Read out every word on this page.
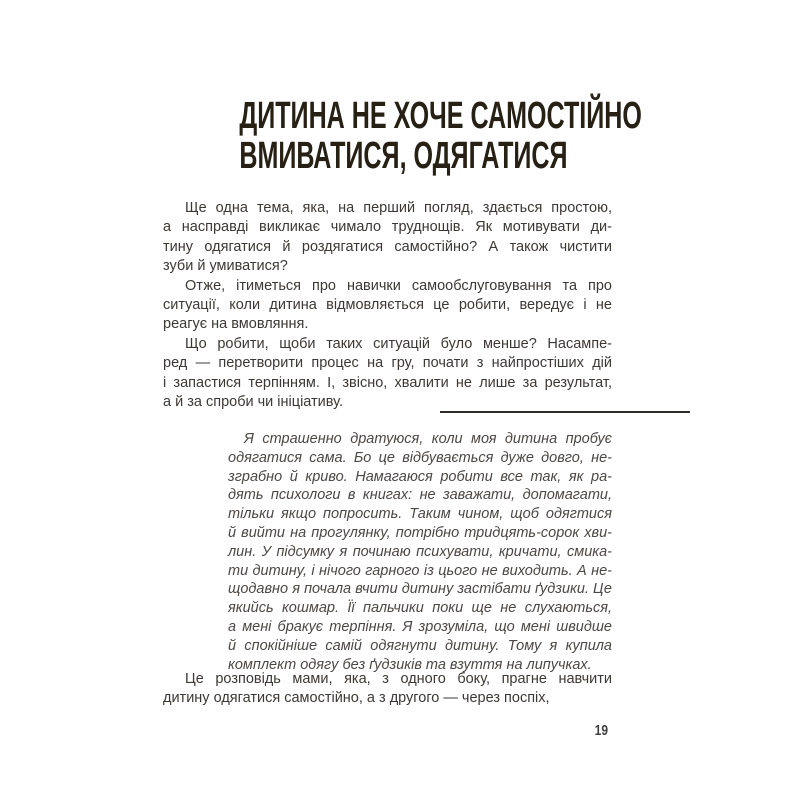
ДИТИНА НЕ ХОЧЕ САМОСТІЙНО
ВМИВАТИСЯ, ОДЯГАТИСЯ
Ще одна тема, яка, на перший погляд, здається простою,
а насправді викликає чимало труднощів. Як мотивувати ди-
тину одягатися й роздягатися самостійно? А також чистити
зуби й умиватися?
Отже, ітиметься про навички самообслуговування та про
ситуації, коли дитина відмовляється це робити, вередує і не
реагує на вмовляння.
Що робити, щоби таких ситуацій було менше? Насампе-
ред — перетворити процес на гру, почати з найпростіших дій
і запастися терпінням. І, звісно, хвалити не лише за результат,
а й за спроби чи ініціативу.
Я страшенно дратуюся, коли моя дитина пробує
одягатися сама. Бо це відбувається дуже довго, не-
зграбно й криво. Намагаюся робити все так, як ра-
дять психологи в книгах: не заважати, допомагати,
тільки якщо попросить. Таким чином, щоб одягтися
й вийти на прогулянку, потрібно тридцять-сорок хви-
лин. У підсумку я починаю психувати, кричати, смика-
ти дитину, і нічого гарного із цього не виходить. А не-
щодавно я почала вчити дитину застібати ґудзики. Це
якийсь кошмар. Її пальчики поки ще не слухаються,
а мені бракує терпіння. Я зрозуміла, що мені швидше
й спокійніше самій одягнути дитину. Тому я купила
комплект одягу без ґудзиків та взуття на липучках.
Це розповідь мами, яка, з одного боку, прагне навчити
дитину одягатися самостійно, а з другого — через поспіх,
19
